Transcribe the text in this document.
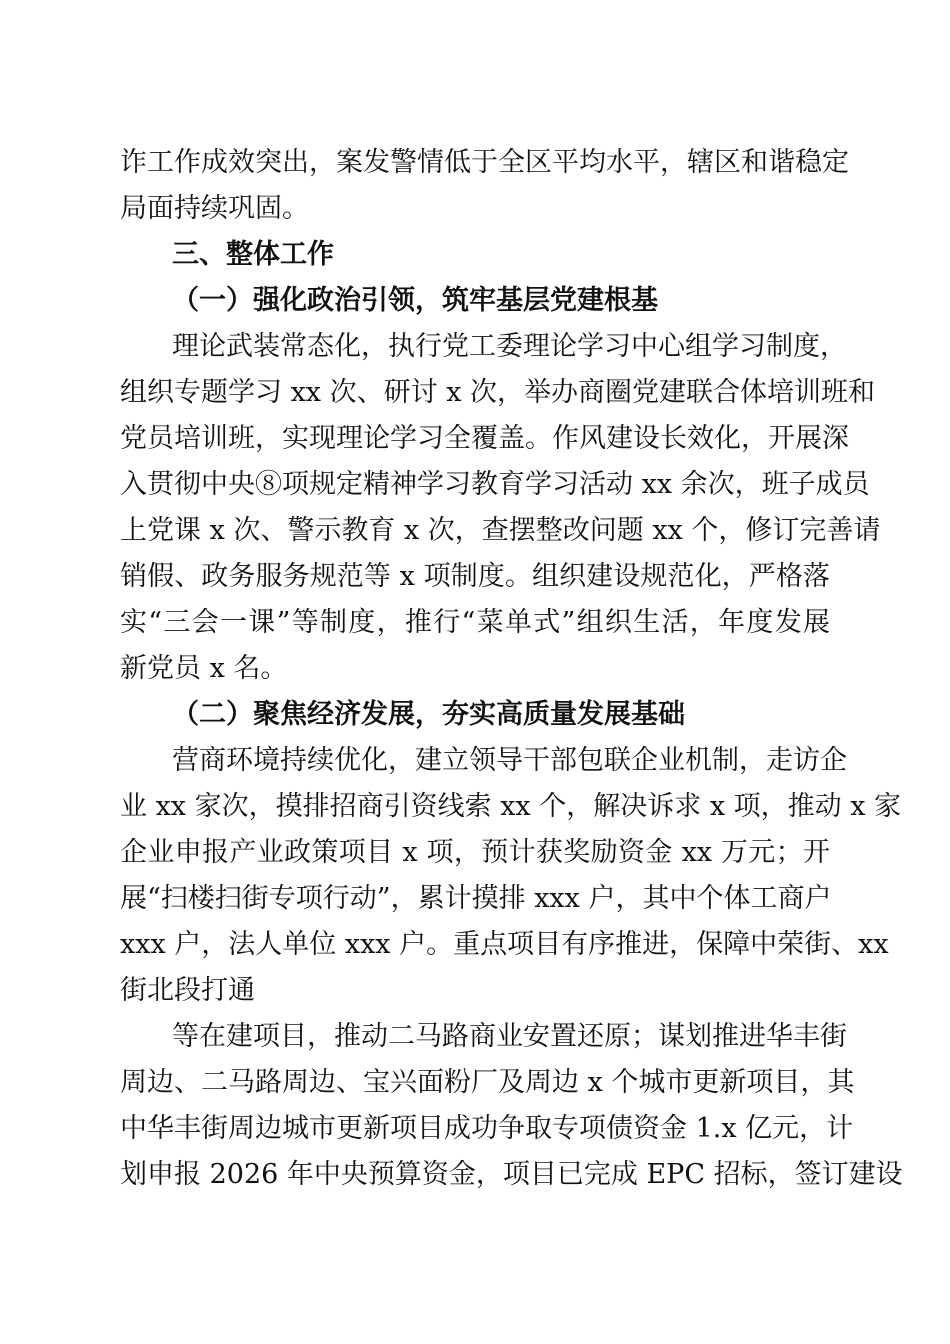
诈工作成效突出，案发警情低于全区平均水平，辖区和谐稳定
局面持续巩固。
三、整体工作
（一）强化政治引领，筑牢基层党建根基
理论武装常态化，执行党工委理论学习中心组学习制度，
组织专题学习 xx 次、研讨 x 次，举办商圈党建联合体培训班和
党员培训班，实现理论学习全覆盖。作风建设长效化，开展深
入贯彻中央⑧项规定精神学习教育学习活动 xx 余次，班子成员
上党课 x 次、警示教育 x 次，查摆整改问题 xx 个，修订完善请
销假、政务服务规范等 x 项制度。组织建设规范化，严格落
实“三会一课”等制度，推行“菜单式”组织生活，年度发展
新党员 x 名。
（二）聚焦经济发展，夯实高质量发展基础
营商环境持续优化，建立领导干部包联企业机制，走访企
业 xx 家次，摸排招商引资线索 xx 个，解决诉求 x 项，推动 x 家
企业申报产业政策项目 x 项，预计获奖励资金 xx 万元；开
展“扫楼扫街专项行动”，累计摸排 xxx 户，其中个体工商户
xxx 户，法人单位 xxx 户。重点项目有序推进，保障中荣街、xx
街北段打通
等在建项目，推动二马路商业安置还原；谋划推进华丰街
周边、二马路周边、宝兴面粉厂及周边 x 个城市更新项目，其
中华丰街周边城市更新项目成功争取专项债资金 1.x 亿元，计
划申报 2026 年中央预算资金，项目已完成 EPC 招标，签订建设
